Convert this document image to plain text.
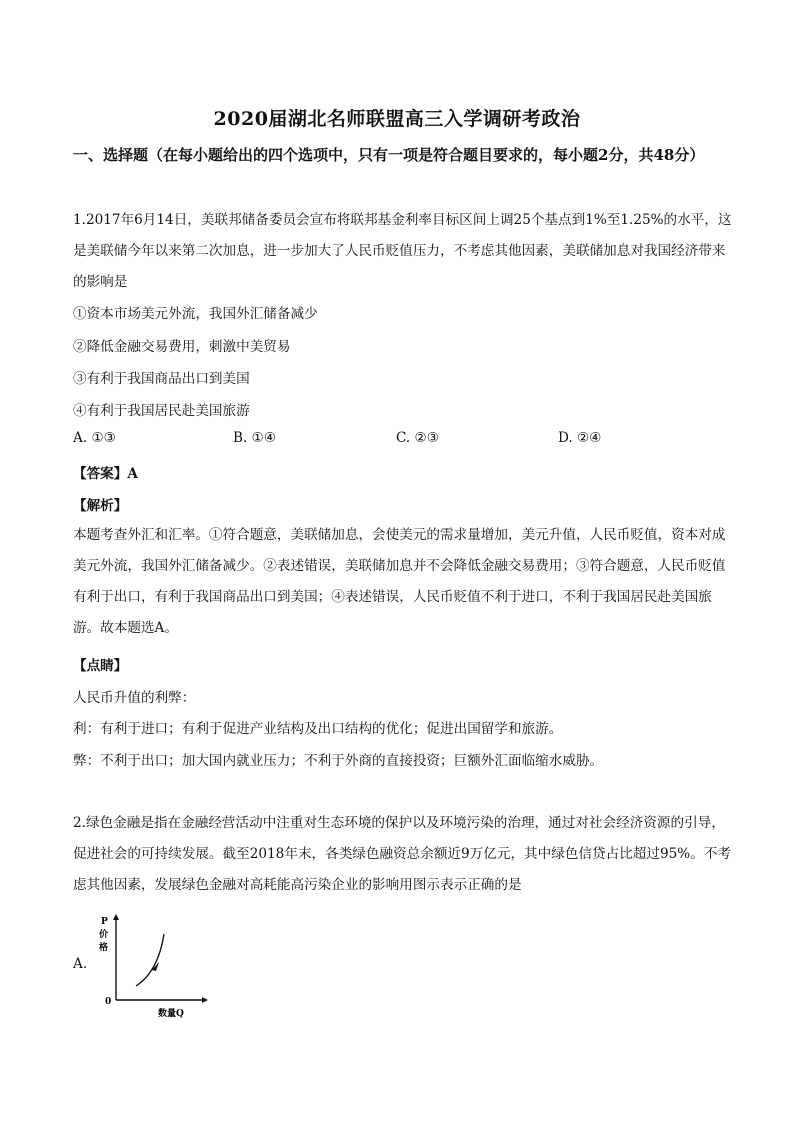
2020届湖北名师联盟高三入学调研考政治
一、选择题（在每小题给出的四个选项中，只有一项是符合题目要求的，每小题2分，共48分）
1.2017年6月14日，美联邦储备委员会宣布将联邦基金利率目标区间上调25个基点到1%至1.25%的水平，这是美联储今年以来第二次加息，进一步加大了人民币贬值压力，不考虑其他因素，美联储加息对我国经济带来的影响是
①资本市场美元外流，我国外汇储备减少
②降低金融交易费用，刺激中美贸易
③有利于我国商品出口到美国
④有利于我国居民赴美国旅游
A. ①③	B. ①④	C. ②③	D. ②④
【答案】A
【解析】
本题考查外汇和汇率。①符合题意，美联储加息，会使美元的需求量增加，美元升值，人民币贬值，资本对成美元外流，我国外汇储备减少。②表述错误，美联储加息并不会降低金融交易费用；③符合题意，人民币贬值有利于出口，有利于我国商品出口到美国；④表述错误，人民币贬值不利于进口，不利于我国居民赴美国旅游。故本题选A。
【点睛】
人民币升值的利弊：
利：有利于进口；有利于促进产业结构及出口结构的优化；促进出国留学和旅游。
弊：不利于出口；加大国内就业压力；不利于外商的直接投资；巨额外汇面临缩水威胁。
2.绿色金融是指在金融经营活动中注重对生态环境的保护以及环境污染的治理，通过对社会经济资源的引导，促进社会的可持续发展。截至2018年末，各类绿色融资总余额近9万亿元，其中绿色信贷占比超过95%。不考虑其他因素，发展绿色金融对高耗能高污染企业的影响用图示表示正确的是
A.
P
价
格
0
数量Q
